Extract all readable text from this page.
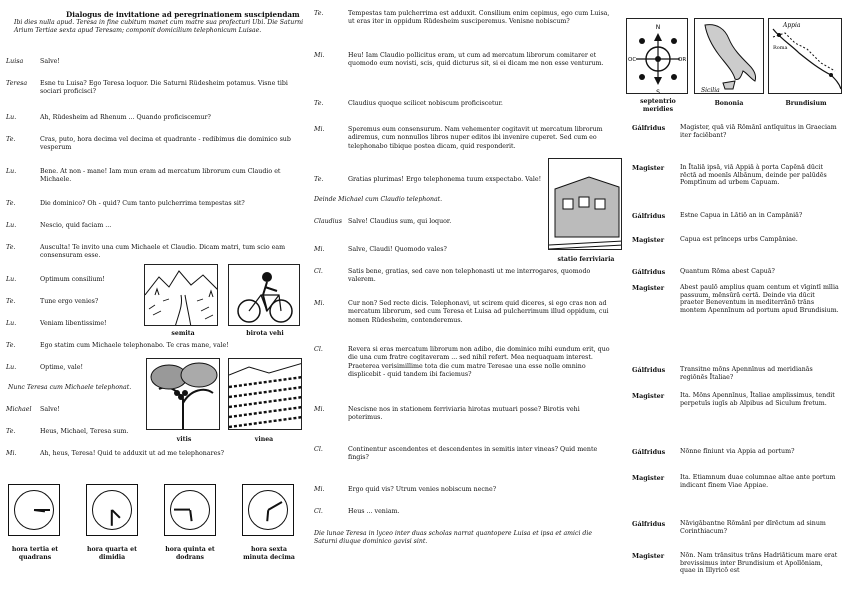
Dialogus de invitatione ad peregrinationem suscipiendam
Ibi dies nulla apud. Teresa in fine cubitum manet cum matre sua profecturi Ubi. Die Saturni Arium Tertiae sexta apud Teresam; componit domicilium telephonicum Luisae.
Luisa	Salve!
Teresa	Esne tu Luisa? Ego Teresa loquor. Die Saturni Rüdesheim potamus. Visne tibi sociari proficisci?
Lu.	Ah, Rüdesheim ad Rhenum ... Quando proficiscemur?
Te.	Cras, puto, hora decima vel decima et quadrante - redibimus die dominico sub vesperum
Lu.	Bene. At non - mane! Iam mun eram ad mercatum librorum cum Claudio et Michaele.
Te.	Die dominico? Oh - quid? Cum tanto pulcherrima tempestas sit?
Lu.	Nescio, quid faciam ...
Te.	Ausculta! Te invito una cum Michaele et Claudio. Dicam matri, tum scio eam consensuram esse.
Lu.	Optimum consilium!
Te.	Tune ergo venies?
Lu.	Veniam libentissime!
Te.	Ego statim cum Michaele telephonabo. Te cras mane, vale!
Lu.	Optime, vale!
Nunc Teresa cum Michaele telephonat.
Michael	Salve!
Te.	Heus, Michael, Teresa sum.
Mi.	Ah, heus, Teresa! Quid te adduxit ut ad me telephonares?
semita	birota vehi
vitis	vinea
hora tertia et quadrans
hora quarta et dimidia
hora quinta et dodrans
hora sexta minuta decima
Te.	Tempestas tam pulcherrima est adduxit. Consilium enim cepimus, ego cum Luisa, ut eras iter in oppidum Rüdesheim susciperemus. Venisne nobiscum?
Mi.	Heu! Iam Claudio pollicitus eram, ut cum ad mercatum librorum comitarer et quomodo eum novisti, scis, quid dicturus sit, si ei dicam me non esse venturum.
Te.	Claudius quoque scilicet nobiscum proficiscetur.
Mi.	Speremus eum consensurum. Nam vehementer cogitavit ut mercatum librorum adiremus, cum nonnullos libros nuper editos ibi invenire cuperet. Sed cum eo telephonabo tibique postea dicam, quid responderit.
Te.	Gratias plurimas! Ergo telephonema tuum exspectabo. Vale!
Deinde Michael cum Claudio telephonat.
Claudius Salve! Claudius sum, qui loquor.
Mi.	Salve, Claudi! Quomodo vales?
Cl.	Satis bene, gratias, sed cave non telephonasti ut me interrogares, quomodo valerem.
Mi.	Cur non? Sed recte dicis. Telephonavi, ut scirem quid diceres, si ego cras non ad mercatum librorum, sed cum Teresa et Luisa ad pulcherrimum illud oppidum, cui nomen Rüdesheim, contenderemus.
Cl.	Revera si eras mercatum librorum non adibo, die dominico mihi eundum erit, quo die una cum fratre cogitaveram ... sed nihil refert. Mea nequaquam interest. Praeterea verisimillime tota die cum matre Teresae una esse nolle omnino displicebit - quid tandem ibi faciemus?
Mi.	Nescisne nos in stationem ferriviaria hirotas mutuari posse? Birotis vehi poterimus.
Cl.	Continentur ascendentes et descendentes in semitis inter vineas? Quid mente fingis?
Mi.	Ergo quid vis? Utrum venies nobiscum necne?
Cl.	Heus ... veniam.
Die lunae Teresa in lyceo inter duas scholas narrat quantopere Luisa et ipsa et amici die Saturni diuque dominico gavisi sint.
N
S
OC	OR
Sicilia
Appia
Roma
septentrio meridies
Bononia	Brundisium
Gálfridus	Magister, quā viā Rōmānī antīquitus in Graeciam iter faciēbant?
Magister	In Ītaliā ipsā, viā Appiā à porta Capēnā dūcit rēctā ad moenīs Albānum, deinde per palūdēs Pomptīnum ad urbem Capuam.
Gálfridus	Estne Capua in Lātiō an in Campāniā?
Magister	Capua est prīnceps urbs Campāniae.
Gálfridus	Quantum Rōma abest Capuā?
Magister	Abest paulō amplius quam centum et vīgintī mīlia passuum, mēnsūrā certā. Deinde via dūcit praeter Beneventum in mediterrānō trāns montem Apennīnum ad portum apud Brundisium.
Gálfridus	Transitne mōns Apennīnus ad meridianās regiōnēs Ītaliae?
Magister	Ita. Mōns Apennīnus, Ītaliae amplissimus, tendit perpetuīs iugīs ab Alpibus ad Siculum fretum.
Gálfridus	Nōnne fīniunt via Appia ad portum?
Magister	Ita. Etiamnum duae columnae altae ante portum indicant fīnem Viae Appiae.
Gálfridus	Nāvigābantne Rōmānī per dīrēctum ad sinum Corinthiacum?
Magister	Nōn. Nam trānsitus trāns Hadriāticum mare erat brevissimus inter Brundisium et Apollōniam, quae in Illyricō est
statio ferriviaria
